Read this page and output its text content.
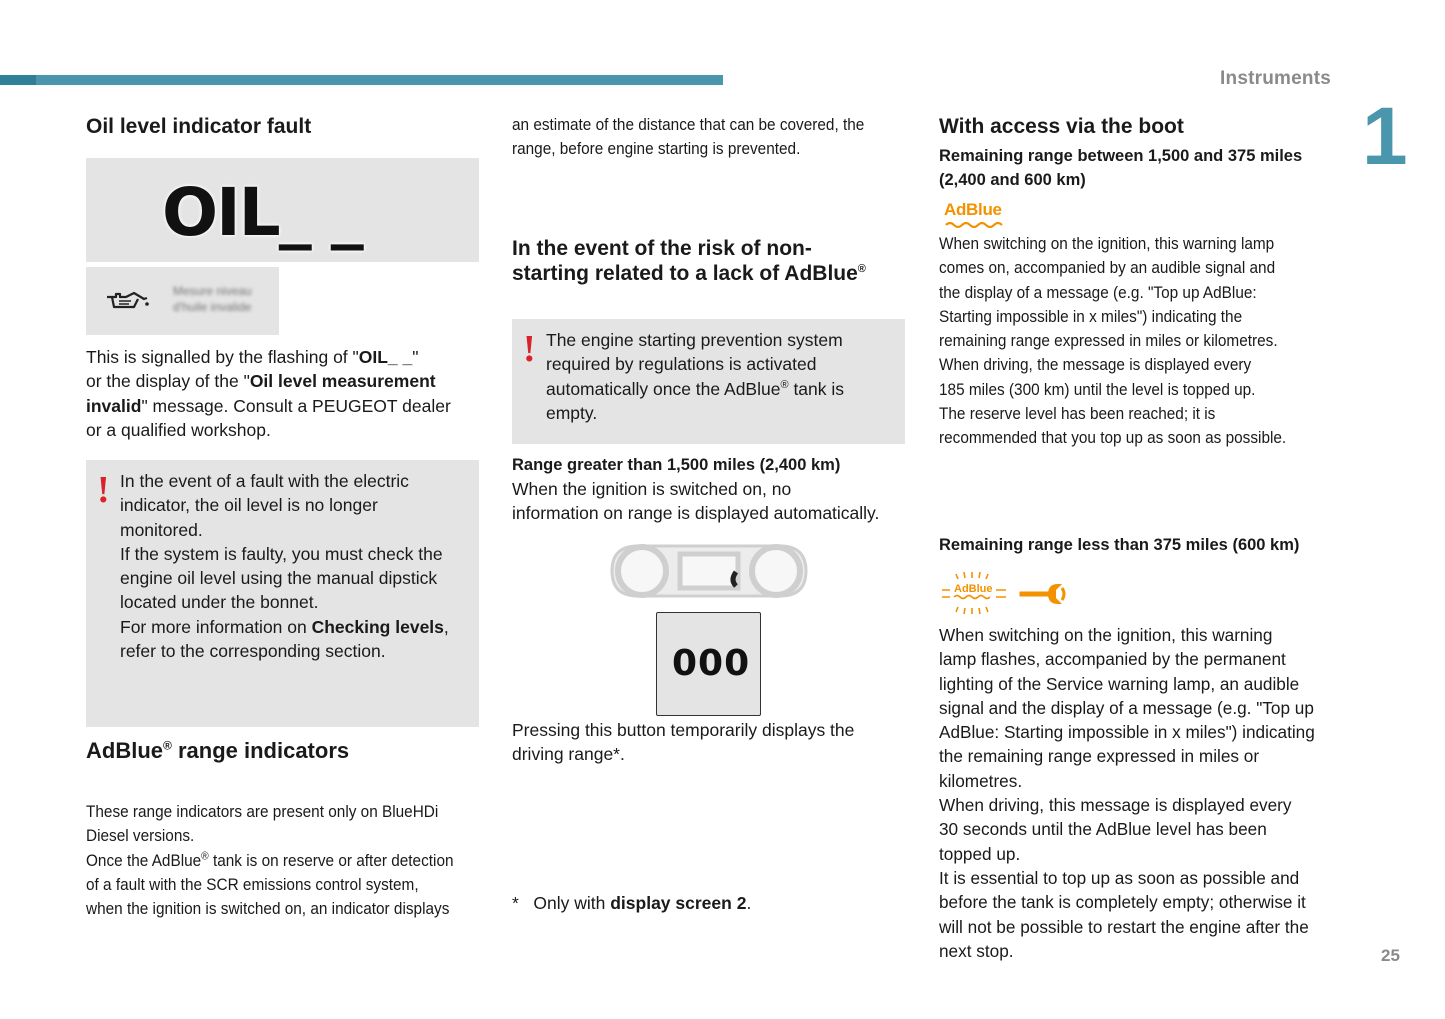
Instruments
1
25
Oil level indicator fault
OIL_ _
Mesure niveau
d'huile invalide
This is signalled by the flashing of "OIL_ _"
or the display of the "Oil level measurement
invalid" message. Consult a PEUGEOT dealer
or a qualified workshop.
! In the event of a fault with the electric
indicator, the oil level is no longer
monitored.
If the system is faulty, you must check the
engine oil level using the manual dipstick
located under the bonnet.
For more information on Checking levels,
refer to the corresponding section.
AdBlue® range indicators
These range indicators are present only on BlueHDi
Diesel versions.
Once the AdBlue® tank is on reserve or after detection
of a fault with the SCR emissions control system,
when the ignition is switched on, an indicator displays
an estimate of the distance that can be covered, the
range, before engine starting is prevented.
In the event of the risk of non-
starting related to a lack of AdBlue®
! The engine starting prevention system
required by regulations is activated
automatically once the AdBlue® tank is
empty.
Range greater than 1,500 miles (2,400 km)
When the ignition is switched on, no
information on range is displayed automatically.
000
Pressing this button temporarily displays the
driving range*.
*   Only with display screen 2.
With access via the boot
Remaining range between 1,500 and 375 miles
(2,400 and 600 km)
AdBlue
When switching on the ignition, this warning lamp
comes on, accompanied by an audible signal and
the display of a message (e.g. "Top up AdBlue:
Starting impossible in x miles") indicating the
remaining range expressed in miles or kilometres.
When driving, the message is displayed every
185 miles (300 km) until the level is topped up.
The reserve level has been reached; it is
recommended that you top up as soon as possible.
Remaining range less than 375 miles (600 km)
AdBlue
When switching on the ignition, this warning
lamp flashes, accompanied by the permanent
lighting of the Service warning lamp, an audible
signal and the display of a message (e.g. "Top up
AdBlue: Starting impossible in x miles") indicating
the remaining range expressed in miles or
kilometres.
When driving, this message is displayed every
30 seconds until the AdBlue level has been
topped up.
It is essential to top up as soon as possible and
before the tank is completely empty; otherwise it
will not be possible to restart the engine after the
next stop.
